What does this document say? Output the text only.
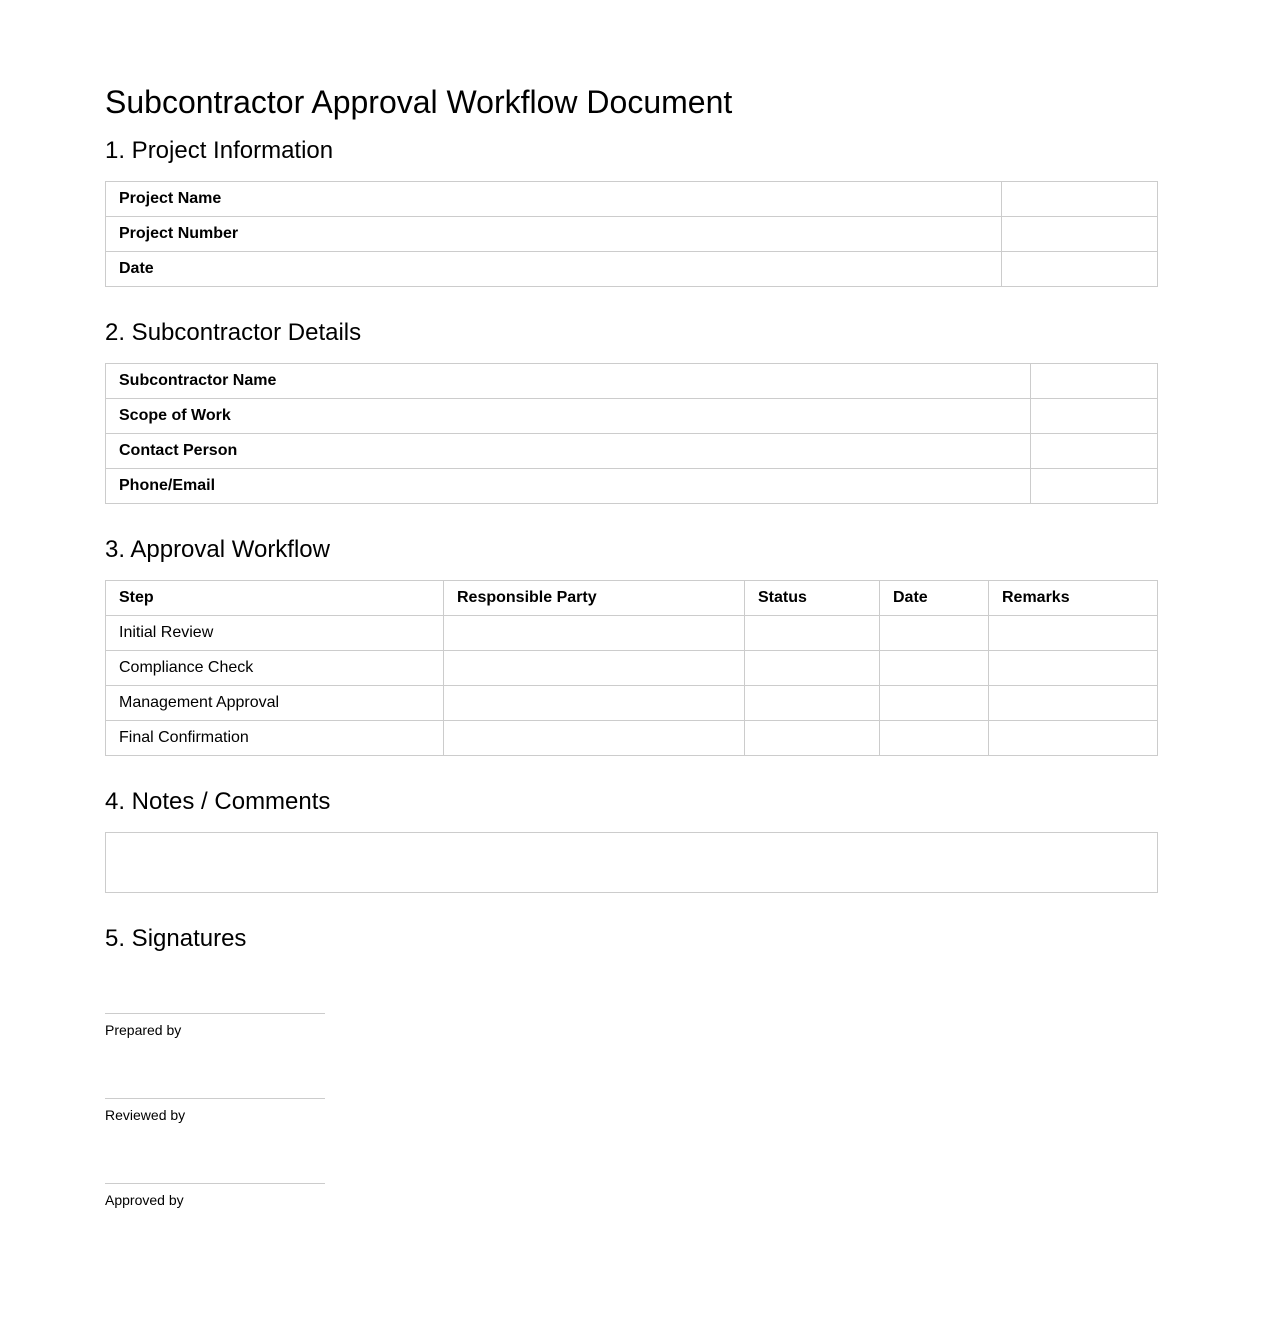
Subcontractor Approval Workflow Document
1. Project Information
Project Name	
Project Number	
Date	
2. Subcontractor Details
Subcontractor Name	
Scope of Work	
Contact Person	
Phone/Email	
3. Approval Workflow
Step	Responsible Party	Status	Date	Remarks
Initial Review				
Compliance Check				
Management Approval				
Final Confirmation				
4. Notes / Comments
5. Signatures
Prepared by
Reviewed by
Approved by
